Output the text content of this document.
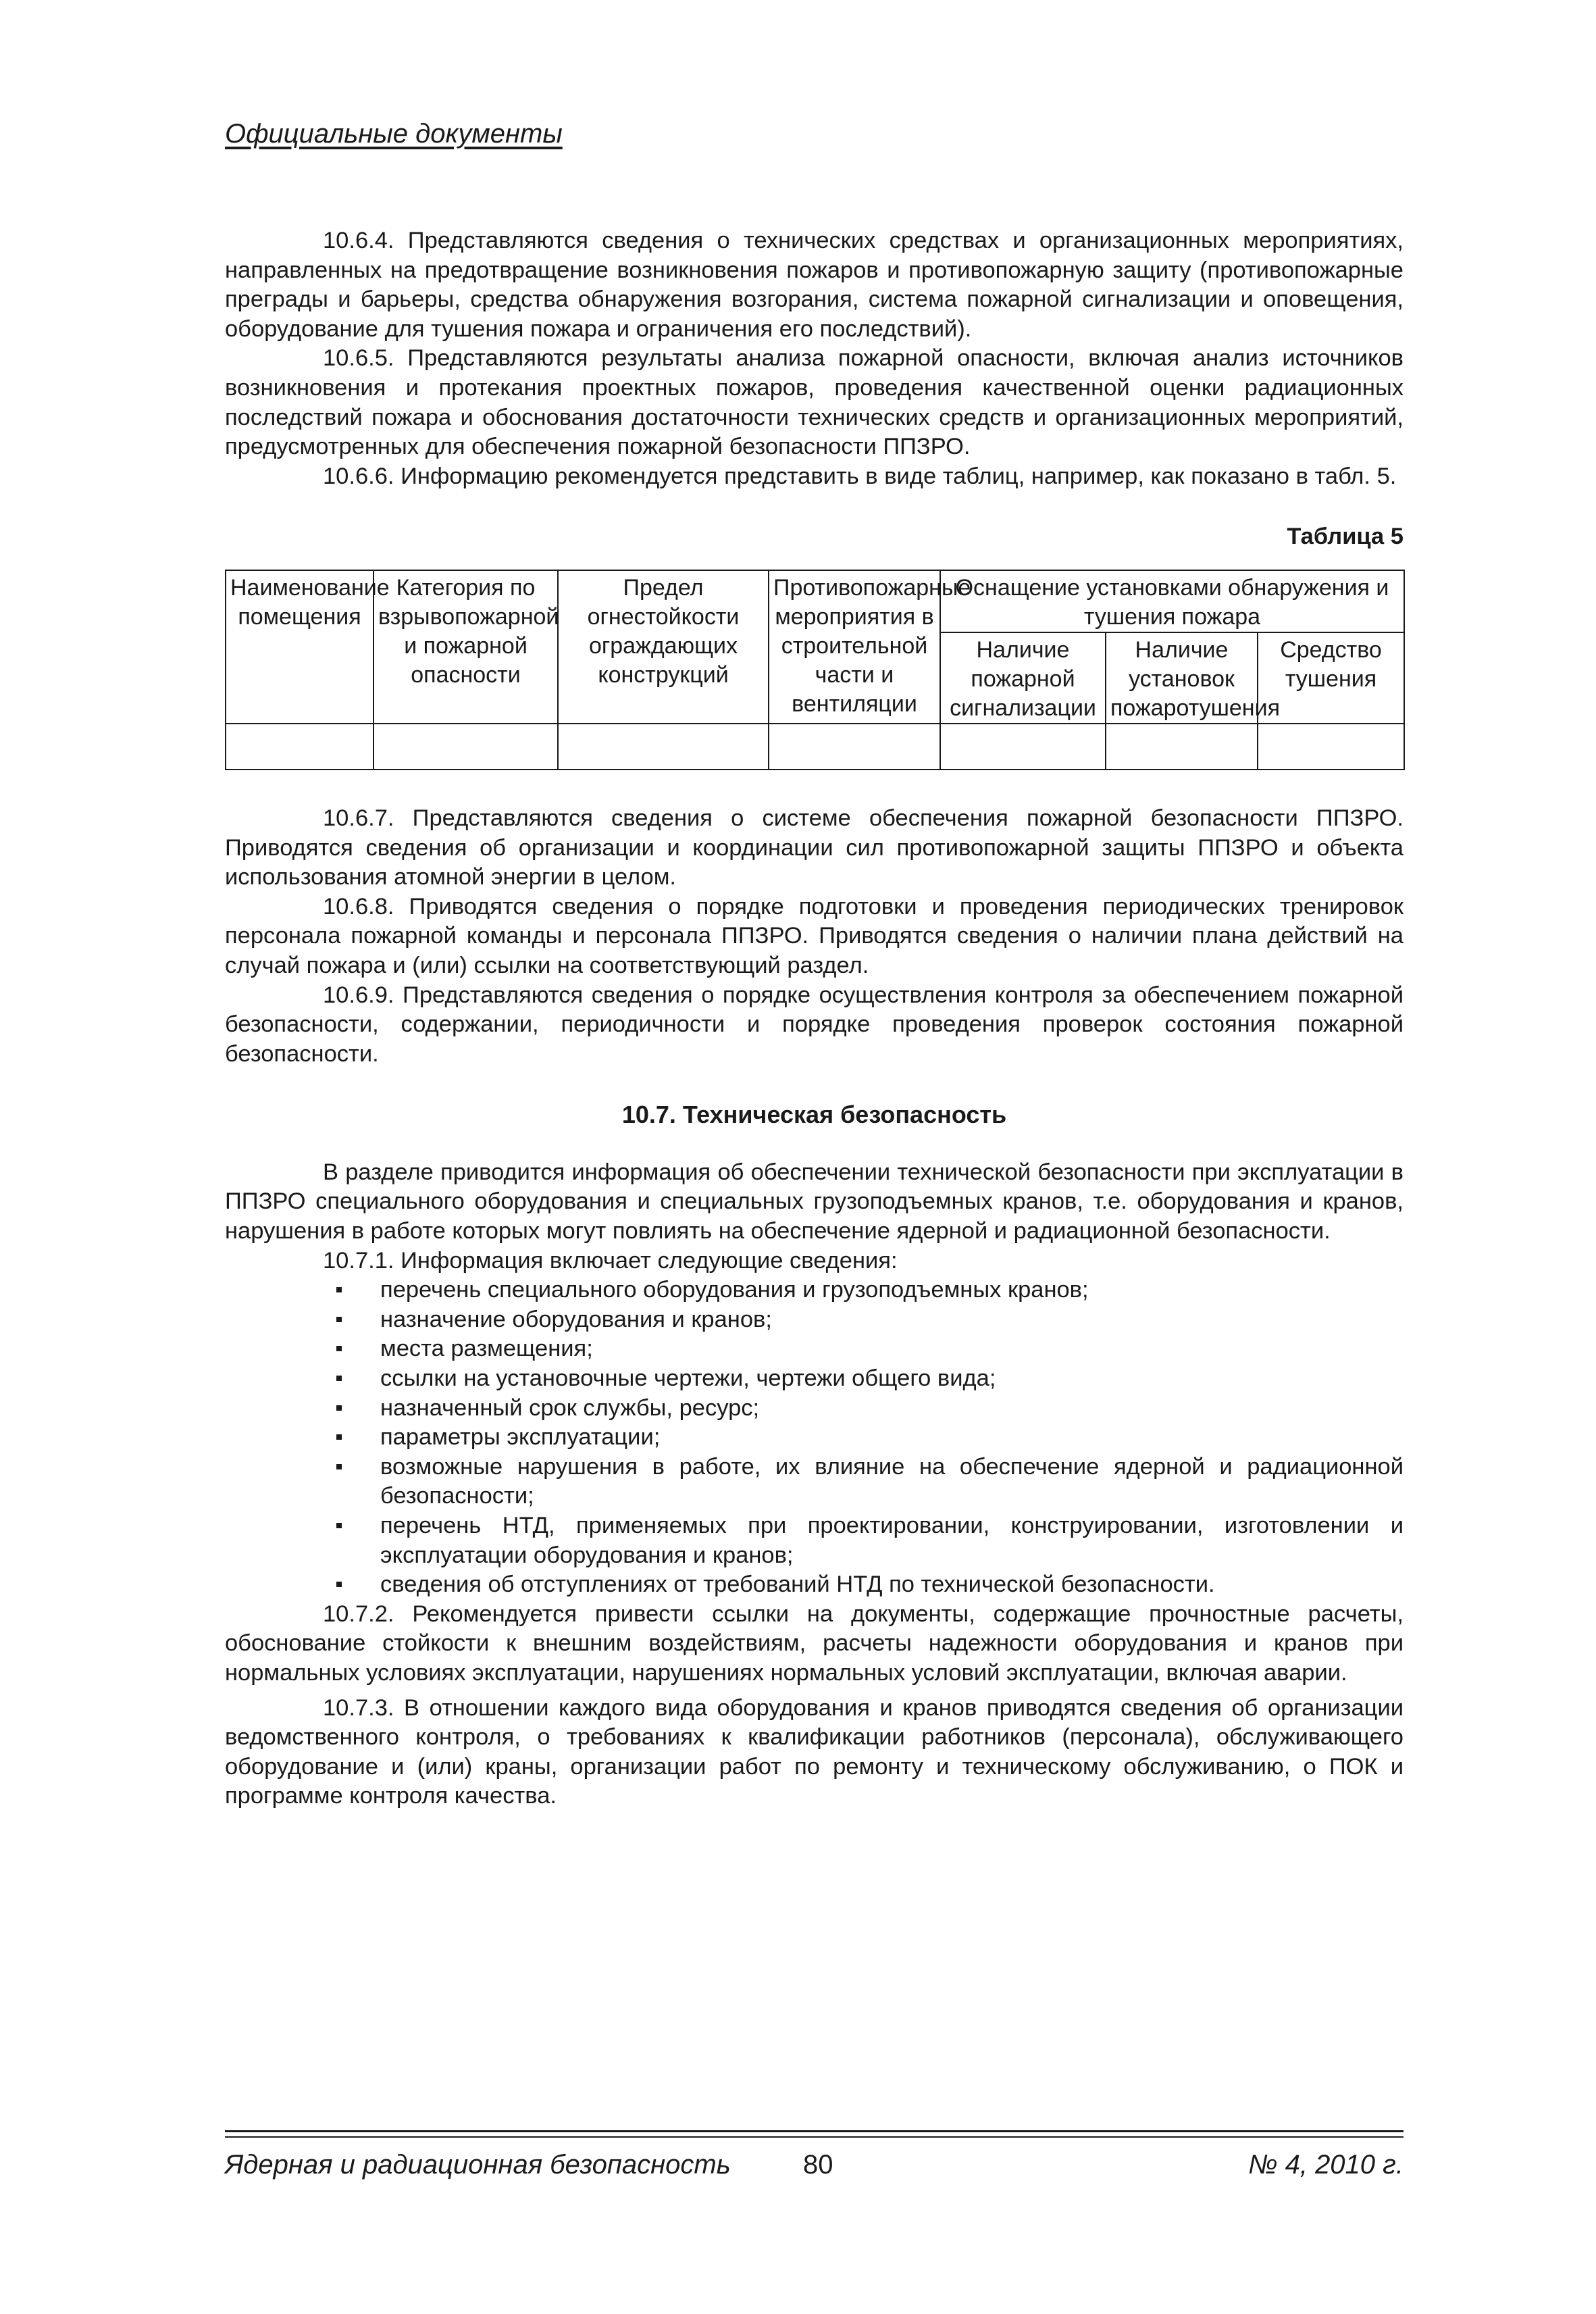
Официальные документы

10.6.4. Представляются сведения о технических средствах и организационных мероприятиях, направленных на предотвращение возникновения пожаров и противопожарную защиту (противопожарные преграды и барьеры, средства обнаружения возгорания, система пожарной сигнализации и оповещения, оборудование для тушения пожара и ограничения его последствий).

10.6.5. Представляются результаты анализа пожарной опасности, включая анализ источников возникновения и протекания проектных пожаров, проведения качественной оценки радиационных последствий пожара и обоснования достаточности технических средств и организационных мероприятий, предусмотренных для обеспечения пожарной безопасности ППЗРО.

10.6.6. Информацию рекомендуется представить в виде таблиц, например, как показано в табл. 5.

Таблица 5
Наименование помещения	Категория по взрывопожарной и пожарной опасности	Предел огнестойкости ограждающих конструкций	Противопожарные мероприятия в строительной части и вентиляции	Оснащение установками обнаружения и тушения пожара		
				Наличие пожарной сигнализации	Наличие установок пожаротушения	Средство тушения

10.6.7. Представляются сведения о системе обеспечения пожарной безопасности ППЗРО. Приводятся сведения об организации и координации сил противопожарной защиты ППЗРО и объекта использования атомной энергии в целом.

10.6.8. Приводятся сведения о порядке подготовки и проведения периодических тренировок персонала пожарной команды и персонала ППЗРО. Приводятся сведения о наличии плана действий на случай пожара и (или) ссылки на соответствующий раздел.

10.6.9. Представляются сведения о порядке осуществления контроля за обеспечением пожарной безопасности, содержании, периодичности и порядке проведения проверок состояния пожарной безопасности.

10.7. Техническая безопасность

В разделе приводится информация об обеспечении технической безопасности при эксплуатации в ППЗРО специального оборудования и специальных грузоподъемных кранов, т.е. оборудования и кранов, нарушения в работе которых могут повлиять на обеспечение ядерной и радиационной безопасности.

10.7.1. Информация включает следующие сведения:

перечень специального оборудования и грузоподъемных кранов;
назначение оборудования и кранов;
места размещения;
ссылки на установочные чертежи, чертежи общего вида;
назначенный срок службы, ресурс;
параметры эксплуатации;
возможные нарушения в работе, их влияние на обеспечение ядерной и радиационной безопасности;
перечень НТД, применяемых при проектировании, конструировании, изготовлении и эксплуатации оборудования и кранов;
сведения об отступлениях от требований НТД по технической безопасности.

10.7.2. Рекомендуется привести ссылки на документы, содержащие прочностные расчеты, обоснование стойкости к внешним воздействиям, расчеты надежности оборудования и кранов при нормальных условиях эксплуатации, нарушениях нормальных условий эксплуатации, включая аварии.

10.7.3. В отношении каждого вида оборудования и кранов приводятся сведения об организации ведомственного контроля, о требованиях к квалификации работников (персонала), обслуживающего оборудование и (или) краны, организации работ по ремонту и техническому обслуживанию, о ПОК и программе контроля качества.

Ядерная и радиационная безопасность	80	№ 4, 2010 г.
